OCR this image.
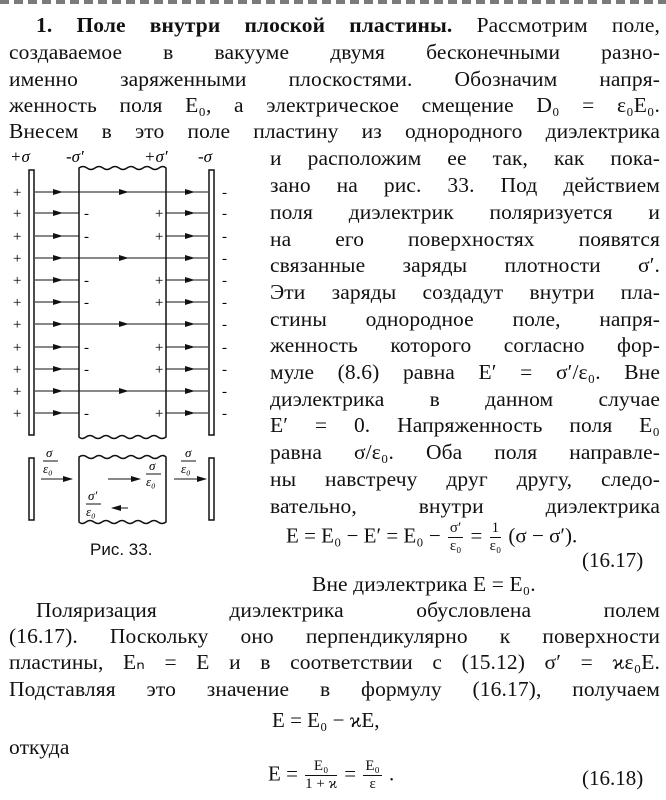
1. Поле внутри плоской пластины. Рассмотрим поле,
создаваемое в вакууме двумя бесконечными разно-
именно заряженными плоскостями. Обозначим напря-
женность поля E₀, а электрическое смещение D₀ = ε₀E₀.
Внесем в это поле пластину из однородного диэлектрика
и расположим ее так, как пока-
зано на рис. 33. Под действием
поля диэлектрик поляризуется и
на его поверхностях появятся
связанные заряды плотности σ′.
Эти заряды создадут внутри пла-
стины однородное поле, напря-
женность которого согласно фор-
муле (8.6) равна E′ = σ′/ε₀. Вне
диэлектрика в данном случае
E′ = 0. Напряженность поля E₀
равна σ/ε₀. Оба поля направле-
ны навстречу друг другу, следо-
вательно, внутри диэлектрика
$E = E_0 - E' = E_0 - \frac{\sigma'}{\text{ε₀}} = \frac{1}{\text{ε₀}} (\sigma - \sigma')$.
(16.17)
Рис. 33.
Вне диэлектрика E = E₀.
Поляризация диэлектрика обусловлена полем
(16.17). Поскольку оно перпендикулярно к поверхности
пластины, Eₙ = E и в соответствии с (15.12) σ′ = ϰε₀E.
Подставляя это значение в формулу (16.17), получаем
E = E₀ − ϰE,
откуда
$E = \frac{\text{E₀}}{1 + ϰ} = \frac{\text{E₀}}{\varepsilon}$ .	(16.18)
+σ -σ′	+σ′ -σ
+	-
+	-
-	+
+	-
-	+
+	-
+	-
-	+
+	-
-	+
+	-
+	-
-	+
+	-
-	+
+	-
+	-
-	+
σ
ε₀	σ
ε₀
σ
ε₀
σ′
ε₀
